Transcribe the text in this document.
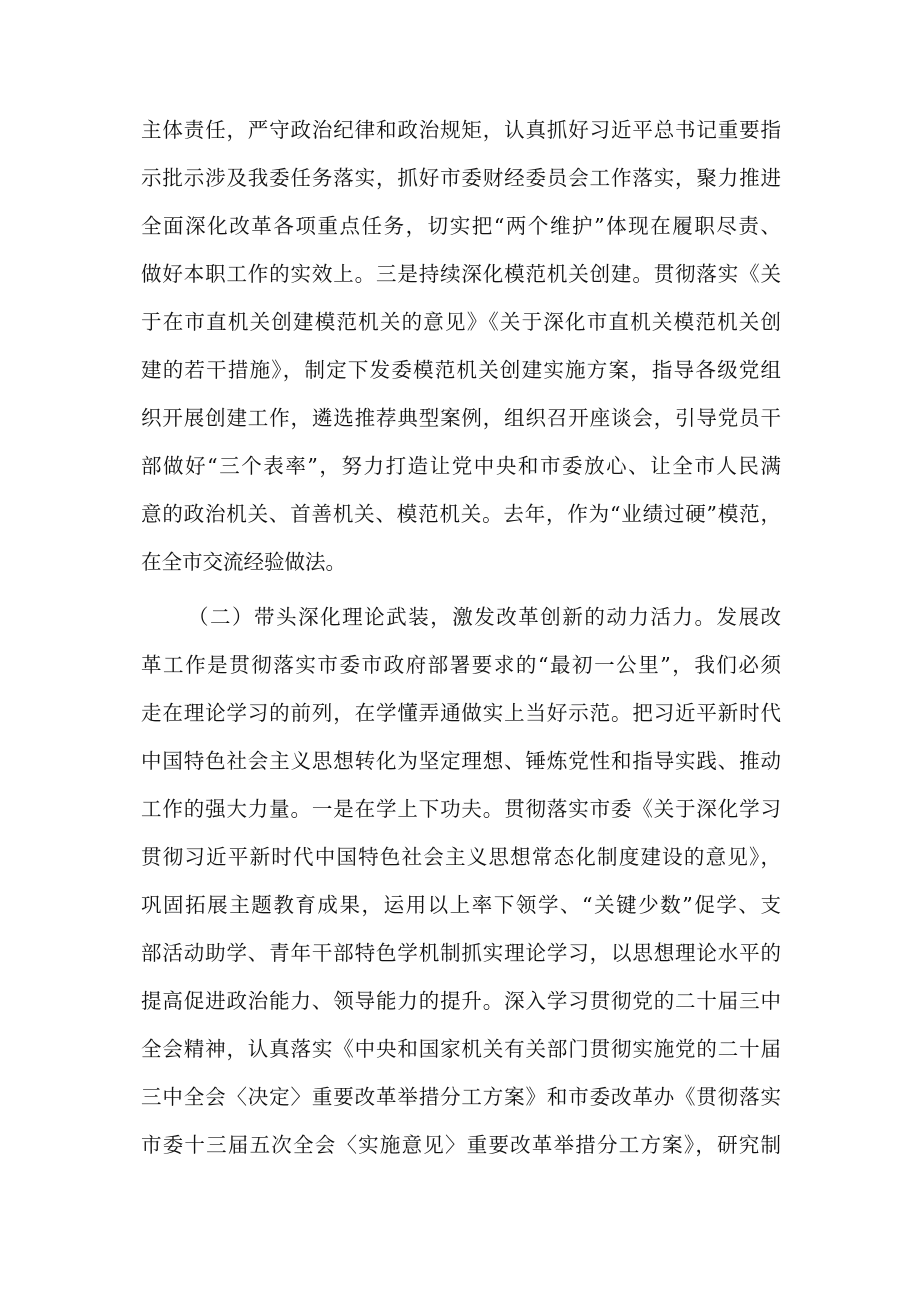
主体责任，严守政治纪律和政治规矩，认真抓好习近平总书记重要指
示批示涉及我委任务落实，抓好市委财经委员会工作落实，聚力推进
全面深化改革各项重点任务，切实把“两个维护”体现在履职尽责、
做好本职工作的实效上。三是持续深化模范机关创建。贯彻落实《关
于在市直机关创建模范机关的意见》《关于深化市直机关模范机关创
建的若干措施》，制定下发委模范机关创建实施方案，指导各级党组
织开展创建工作，遴选推荐典型案例，组织召开座谈会，引导党员干
部做好“三个表率”，努力打造让党中央和市委放心、让全市人民满
意的政治机关、首善机关、模范机关。去年，作为“业绩过硬”模范，
在全市交流经验做法。
（二）带头深化理论武装，激发改革创新的动力活力。发展改
革工作是贯彻落实市委市政府部署要求的“最初一公里”，我们必须
走在理论学习的前列，在学懂弄通做实上当好示范。把习近平新时代
中国特色社会主义思想转化为坚定理想、锤炼党性和指导实践、推动
工作的强大力量。一是在学上下功夫。贯彻落实市委《关于深化学习
贯彻习近平新时代中国特色社会主义思想常态化制度建设的意见》，
巩固拓展主题教育成果，运用以上率下领学、“关键少数”促学、支
部活动助学、青年干部特色学机制抓实理论学习，以思想理论水平的
提高促进政治能力、领导能力的提升。深入学习贯彻党的二十届三中
全会精神，认真落实《中央和国家机关有关部门贯彻实施党的二十届
三中全会〈决定〉重要改革举措分工方案》和市委改革办《贯彻落实
市委十三届五次全会〈实施意见〉重要改革举措分工方案》，研究制
